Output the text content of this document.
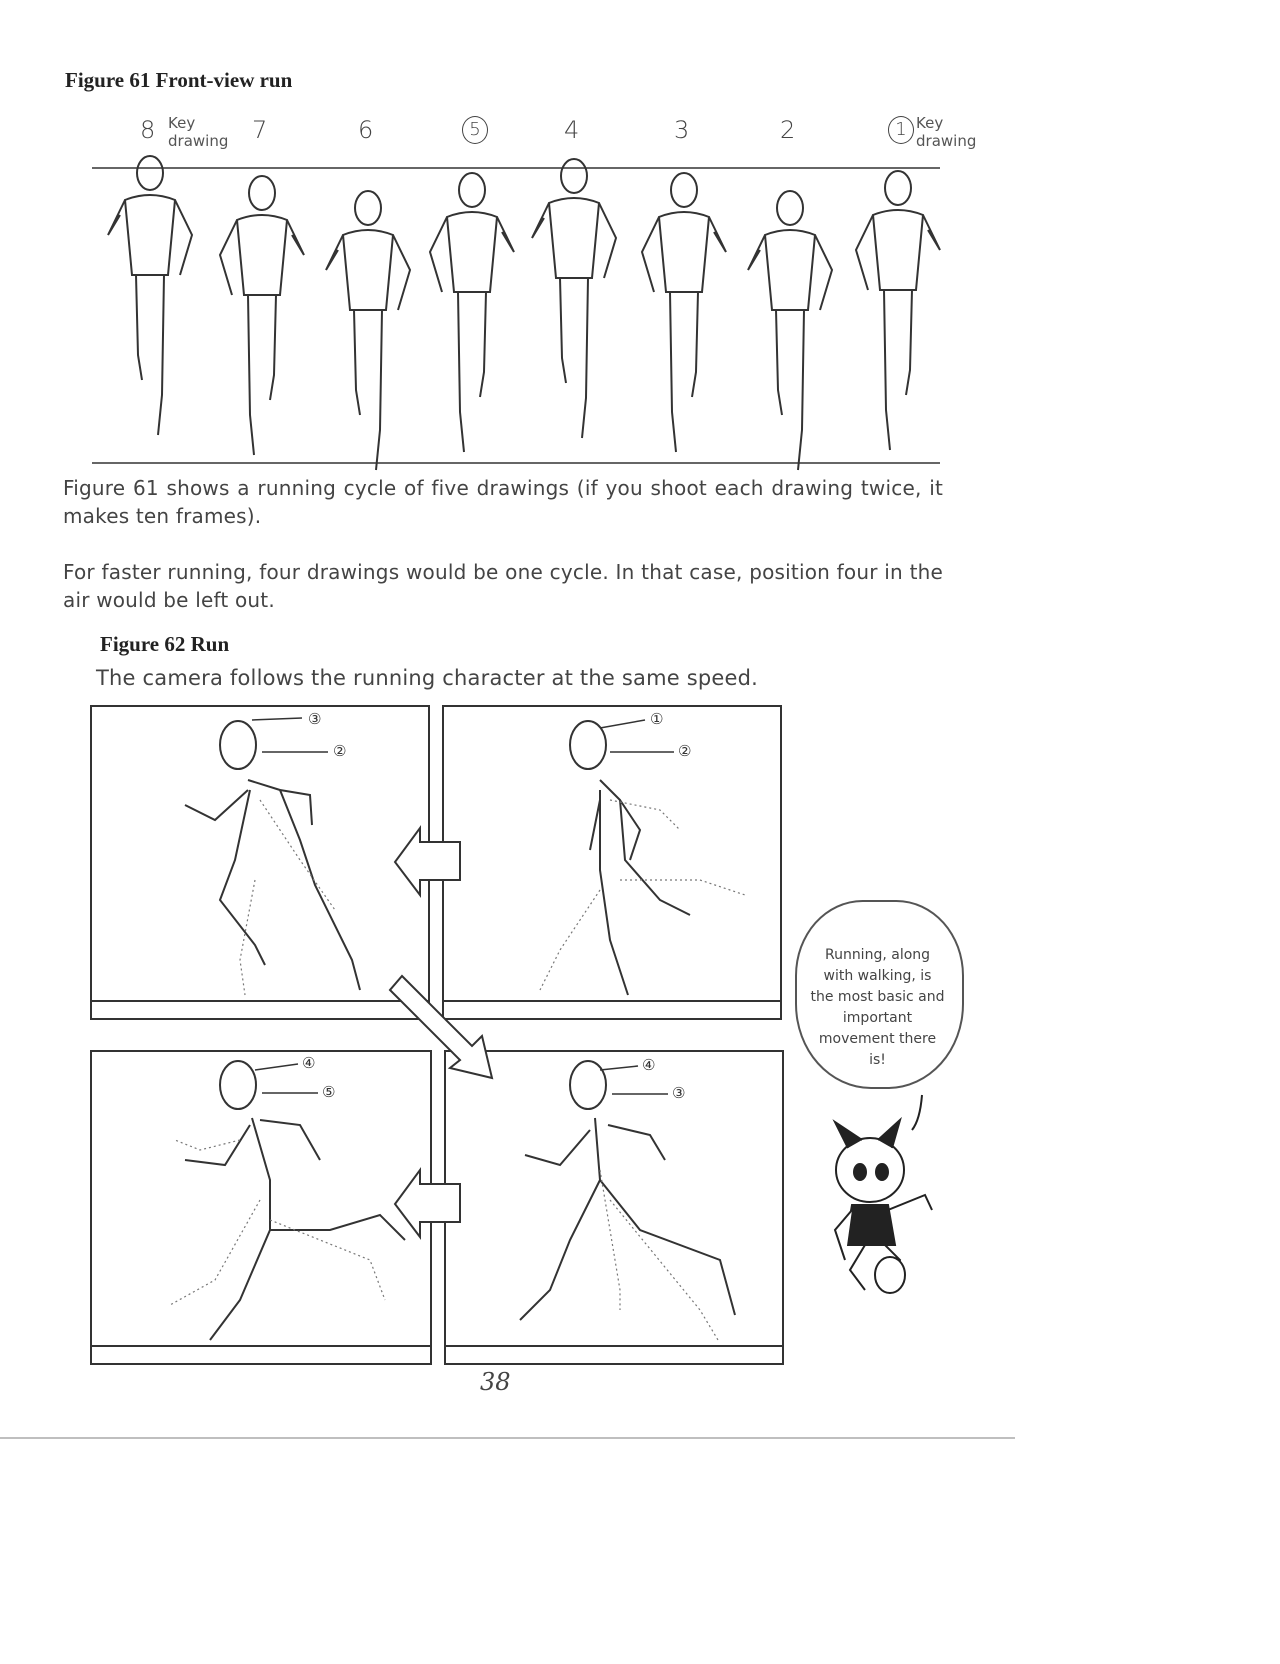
Figure 61 Front-view run
8 Key drawing 7	6	5	4	3	2	1 Key drawing
Figure 61 shows a running cycle of five drawings (if you shoot each drawing twice, it makes ten frames).
For faster running, four drawings would be one cycle. In that case, position four in the air would be left out.
Figure 62 Run
The camera follows the running character at the same speed.
③
②
①
②
④
⑤
④
③
Running, along with walking, is the most basic and important movement there is!
38
